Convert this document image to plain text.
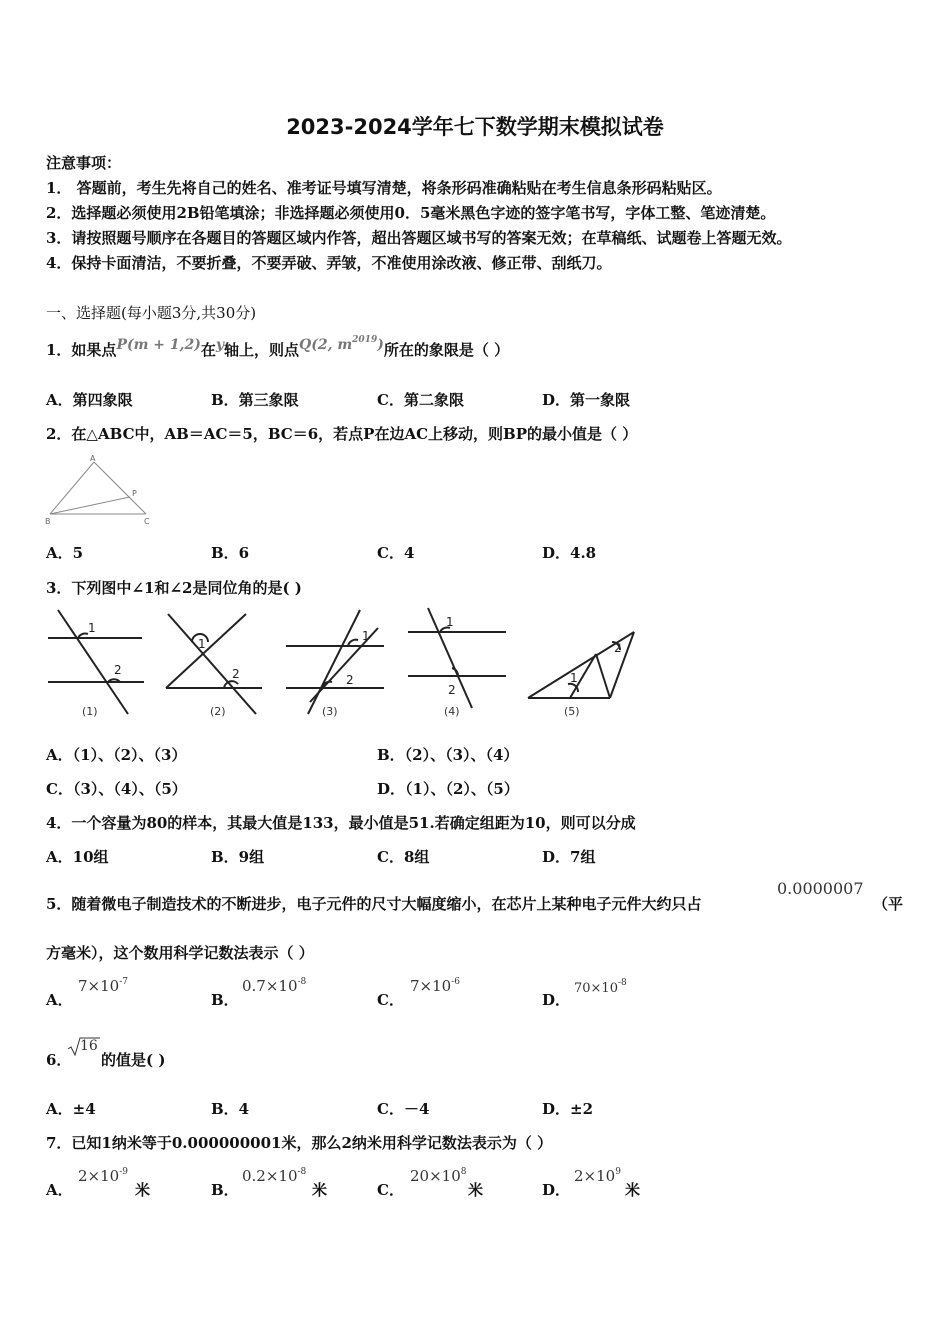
2023-2024学年七下数学期末模拟试卷
注意事项：
1． 答题前，考生先将自己的姓名、准考证号填写清楚，将条形码准确粘贴在考生信息条形码粘贴区。
2．选择题必须使用2B铅笔填涂；非选择题必须使用0．5毫米黑色字迹的签字笔书写，字体工整、笔迹清楚。
3．请按照题号顺序在各题目的答题区域内作答，超出答题区域书写的答案无效；在草稿纸、试题卷上答题无效。
4．保持卡面清洁，不要折叠，不要弄破、弄皱，不准使用涂改液、修正带、刮纸刀。
一、选择题(每小题3分,共30分)
1．如果点P(m + 1,2)在y轴上，则点Q(2, $m^{2019}$)所在的象限是（ ）
A．第四象限	B．第三象限	C．第二象限	D．第一象限
2．在△ABC中，AB＝AC＝5，BC＝6，若点P在边AC上移动，则BP的最小值是（ ）
A
P
B	C
A．5	B．6	C．4	D．4.8
3．下列图中∠1和∠2是同位角的是( )
1
2
1
2
1
2
1
2
1
2
(1)	(2)	(3)	(4)	(5)
A．（1）、（2）、（3）	B．（2）、（3）、（4）
C．（3）、（4）、（5）	D．（1）、（2）、（5）
4．一个容量为80的样本，其最大值是133，最小值是51.若确定组距为10，则可以分成
A．10组	B．9组	C．8组	D．7组
5．随着微电子制造技术的不断进步，电子元件的尺寸大幅度缩小，在芯片上某种电子元件大约只占
0.0000007
（平
方毫米），这个数用科学记数法表示（ ）
A．
$7\times 10^{-7}$
B．
$0.7\times 10^{-8}$
C．
$7\times 10^{-6}$
D．
$70\times 10^{-8}$
6．
16
的值是( )
A．±4	B．4	C．－4	D．±2
7．已知1纳米等于0.000000001米，那么2纳米用科学记数法表示为（ ）
A．
$2\times 10^{-9}$
米	B．
$0.2\times 10^{-8}$
米	C．
$20\times 10^8$
米	D．
$2\times 10^9$
米
